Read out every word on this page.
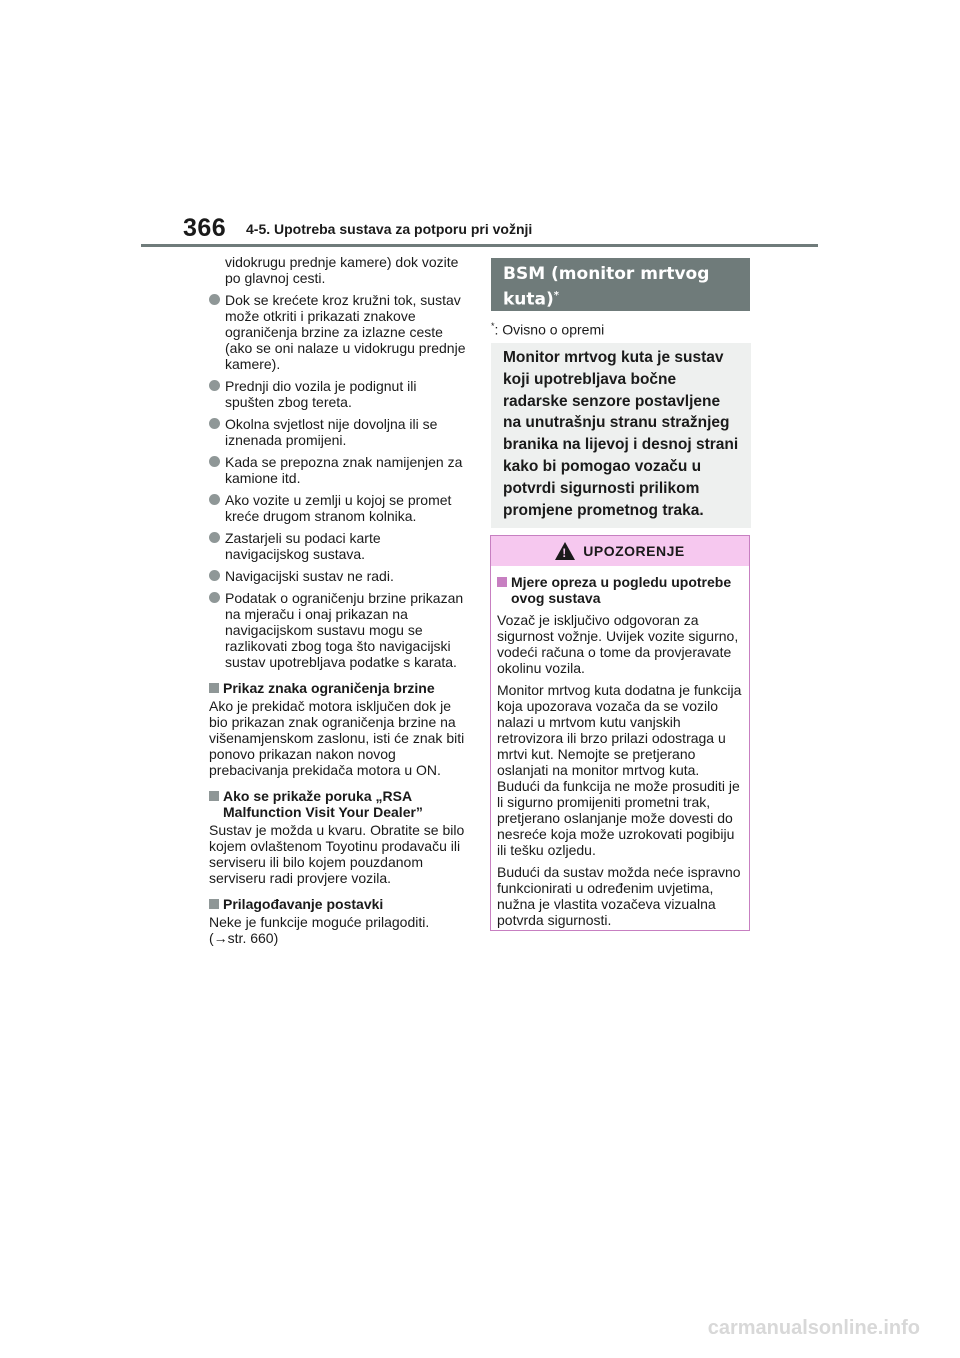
366 4-5. Upotreba sustava za potporu pri vožnji

vidokrugu prednje kamere) dok vozite po glavnoj cesti.

Dok se krećete kroz kružni tok, sustav može otkriti i prikazati znakove ograničenja brzine za izlazne ceste (ako se oni nalaze u vidokrugu prednje kamere).
Prednji dio vozila je podignut ili spušten zbog tereta.
Okolna svjetlost nije dovoljna ili se iznenada promijeni.
Kada se prepozna znak namijenjen za kamione itd.
Ako vozite u zemlji u kojoj se promet kreće drugom stranom kolnika.
Zastarjeli su podaci karte navigacijskog sustava.
Navigacijski sustav ne radi.
Podatak o ograničenju brzine prikazan na mjeraču i onaj prikazan na navigacijskom sustavu mogu se razlikovati zbog toga što navigacijski sustav upotrebljava podatke s karata.
Prikaz znaka ograničenja brzine

Ako je prekidač motora isključen dok je bio prikazan znak ograničenja brzine na višenamjenskom zaslonu, isti će znak biti ponovo prikazan nakon novog prebacivanja prekidača motora u ON.

Ako se prikaže poruka „RSA Malfunction Visit Your Dealer”

Sustav je možda u kvaru. Obratite se bilo kojem ovlaštenom Toyotinu prodavaču ili serviseru ili bilo kojem pouzdanom serviseru radi provjere vozila.

Prilagođavanje postavki

Neke je funkcije moguće prilagoditi. (→str. 660)

BSM (monitor mrtvog kuta)*
*: Ovisno o opremi
Monitor mrtvog kuta je sustav koji upotrebljava bočne radarske senzore postavljene na unutrašnju stranu stražnjeg branika na lijevoj i desnoj strani kako bi pomogao vozaču u potvrdi sigurnosti prilikom promjene prometnog traka.
!
UPOZORENJE
Mjere opreza u pogledu upotrebe ovog sustava

Vozač je isključivo odgovoran za sigurnost vožnje. Uvijek vozite sigurno, vodeći računa o tome da provjeravate okolinu vozila.

Monitor mrtvog kuta dodatna je funkcija koja upozorava vozača da se vozilo nalazi u mrtvom kutu vanjskih retrovizora ili brzo prilazi odostraga u mrtvi kut. Nemojte se pretjerano oslanjati na monitor mrtvog kuta. Budući da funkcija ne može prosuditi je li sigurno promijeniti prometni trak, pretjerano oslanjanje može dovesti do nesreće koja može uzrokovati pogibiju ili tešku ozljedu.

Budući da sustav možda neće ispravno funkcionirati u određenim uvjetima, nužna je vlastita vozačeva vizualna potvrda sigurnosti.

carmanualsonline.info
